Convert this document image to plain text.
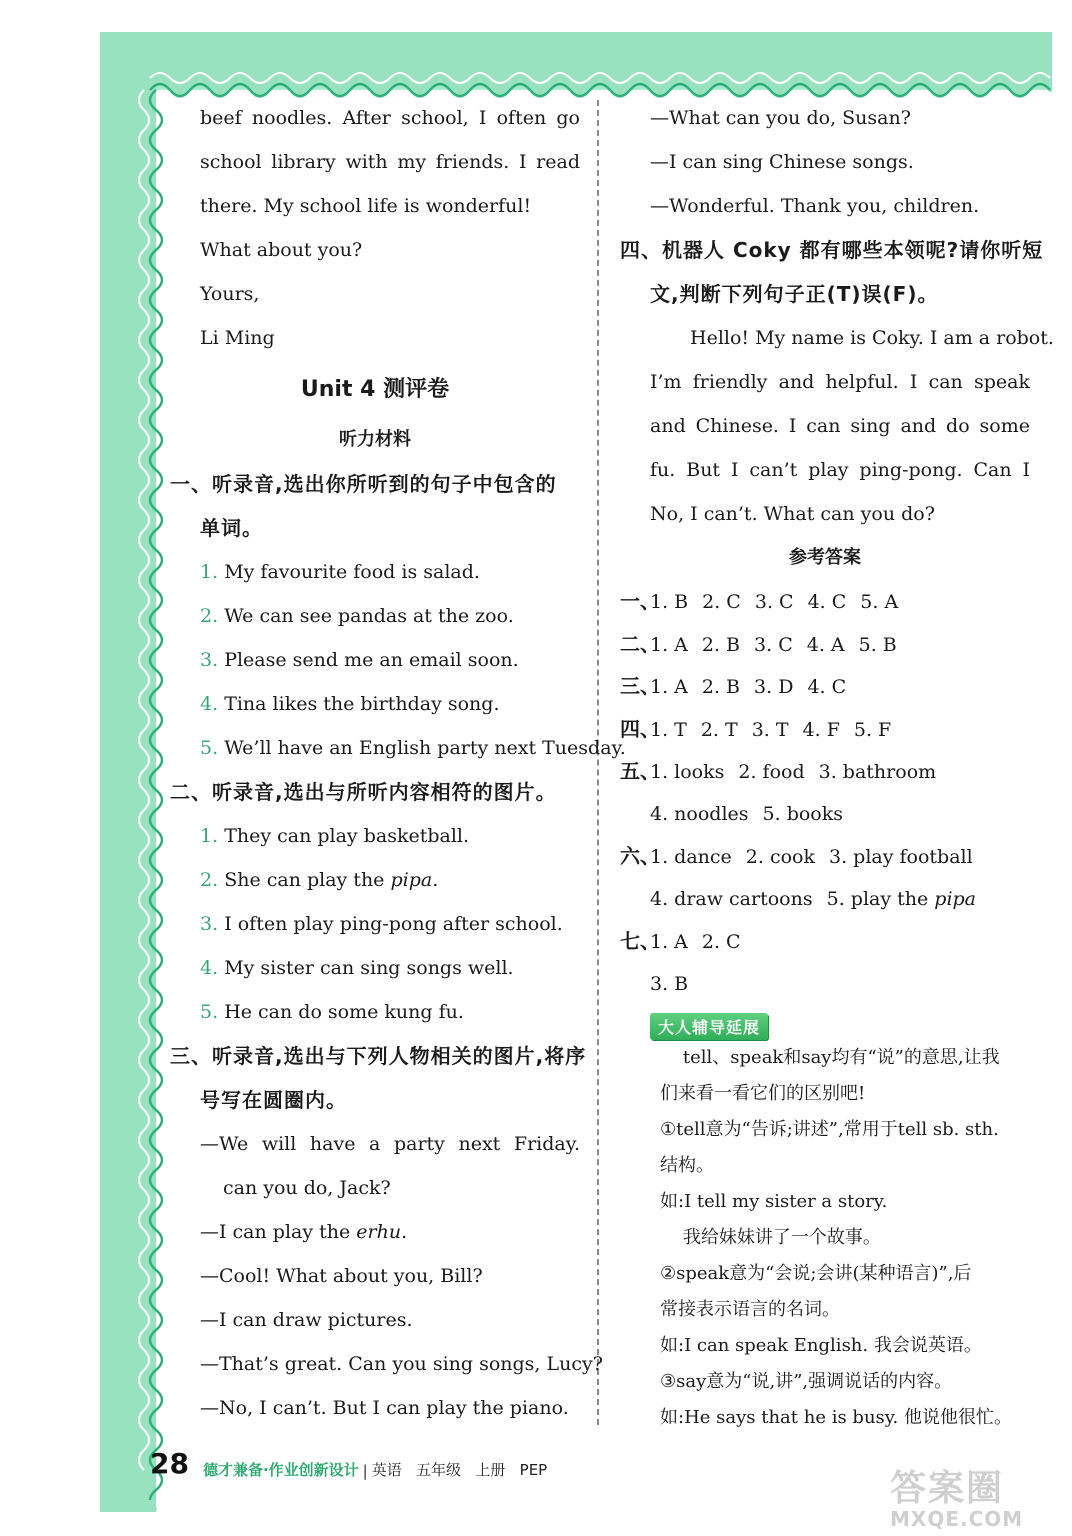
beef noodles. After school, I often go
school library with my friends. I read
there. My school life is wonderful!
What about you?
Yours,
Li Ming
Unit 4 测评卷
听力材料
一、听录音,选出你所听到的句子中包含的
单词。
1. My favourite food is salad.
2. We can see pandas at the zoo.
3. Please send me an email soon.
4. Tina likes the birthday song.
5. We’ll have an English party next Tuesday.
二、听录音,选出与所听内容相符的图片。
1. They can play basketball.
2. She can play the pipa.
3. I often play ping-pong after school.
4. My sister can sing songs well.
5. He can do some kung fu.
三、听录音,选出与下列人物相关的图片,将序
号写在圆圈内。
—We will have a party next Friday.
can you do, Jack?
—I can play the erhu.
—Cool! What about you, Bill?
—I can draw pictures.
—That’s great. Can you sing songs, Lucy?
—No, I can’t. But I can play the piano.
—What can you do, Susan?
—I can sing Chinese songs.
—Wonderful. Thank you, children.
四、机器人 Coky 都有哪些本领呢?请你听短
文,判断下列句子正(T)误(F)。
Hello! My name is Coky. I am a robot.
I’m friendly and helpful. I can speak
and Chinese. I can sing and do some
fu. But I can’t play ping-pong. Can I
No, I can’t. What can you do?
参考答案
一、1. B 2. C 3. C 4. C 5. A
二、1. A 2. B 3. C 4. A 5. B
三、1. A 2. B 3. D 4. C
四、1. T 2. T 3. T 4. F 5. F
五、1. looks 2. food 3. bathroom
4. noodles 5. books
六、1. dance 2. cook 3. play football
4. draw cartoons 5. play the pipa
七、1. A 2. C
3. B
大人辅导延展
tell、speak和say均有“说”的意思,让我
们来看一看它们的区别吧!
①tell意为“告诉;讲述”,常用于tell sb. sth.
结构。
如:I tell my sister a story.
我给妹妹讲了一个故事。
②speak意为“会说;会讲(某种语言)”,后
常接表示语言的名词。
如:I can speak English. 我会说英语。
③say意为“说,讲”,强调说话的内容。
如:He says that he is busy. 他说他很忙。
28 德才兼备·作业创新设计 | 英语   五年级   上册   PEP	答案圈
MXQE.COM
